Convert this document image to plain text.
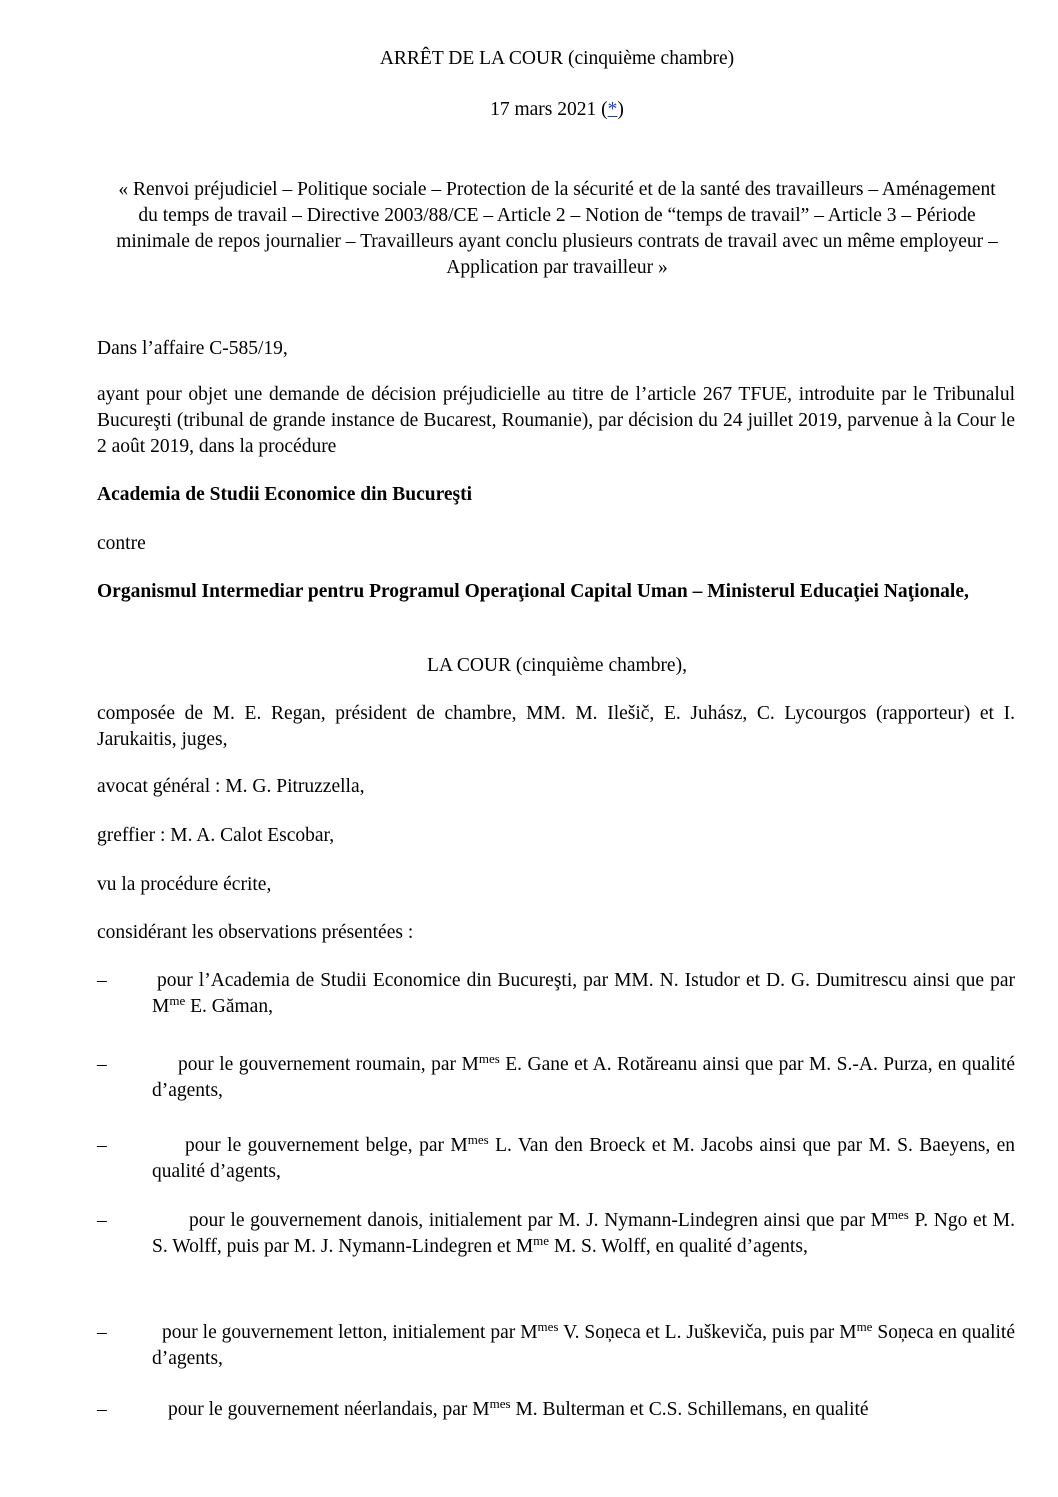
ARRÊT DE LA COUR (cinquième chambre)
17 mars 2021 (*)
« Renvoi préjudiciel – Politique sociale – Protection de la sécurité et de la santé des travailleurs – Aménagement du temps de travail – Directive 2003/88/CE – Article 2 – Notion de “temps de travail” – Article 3 – Période minimale de repos journalier – Travailleurs ayant conclu plusieurs contrats de travail avec un même employeur – Application par travailleur »
Dans l’affaire C‑585/19,
ayant pour objet une demande de décision préjudicielle au titre de l’article 267 TFUE, introduite par le Tribunalul Bucureşti (tribunal de grande instance de Bucarest, Roumanie), par décision du 24 juillet 2019, parvenue à la Cour le 2 août 2019, dans la procédure
Academia de Studii Economice din Bucureşti
contre
Organismul Intermediar pentru Programul Operaţional Capital Uman – Ministerul Educaţiei Naţionale,
LA COUR (cinquième chambre),
composée de M. E. Regan, président de chambre, MM. M. Ilešič, E. Juhász, C. Lycourgos (rapporteur) et I. Jarukaitis, juges,
avocat général : M. G. Pitruzzella,
greffier : M. A. Calot Escobar,
vu la procédure écrite,
considérant les observations présentées :
–	pour l’Academia de Studii Economice din Bucureşti, par MM. N. Istudor et D. G. Dumitrescu ainsi que par $M^{me}$ E. Găman,
–	pour le gouvernement roumain, par $M^{mes}$ E. Gane et A. Rotăreanu ainsi que par M. S.-A. Purza, en qualité d’agents,
–	pour le gouvernement belge, par $M^{mes}$ L. Van den Broeck et M. Jacobs ainsi que par M. S. Baeyens, en qualité d’agents,
–	pour le gouvernement danois, initialement par M. J. Nymann-Lindegren ainsi que par $M^{mes}$ P. Ngo et M. S. Wolff, puis par M. J. Nymann-Lindegren et $M^{me}$ M. S. Wolff, en qualité d’agents,
–	pour le gouvernement letton, initialement par $M^{mes}$ V. Soņeca et L. Juškeviča, puis par $M^{me}$ Soņeca en qualité d’agents,
–	pour le gouvernement néerlandais, par $M^{mes}$ M. Bulterman et C.S. Schillemans, en qualité
